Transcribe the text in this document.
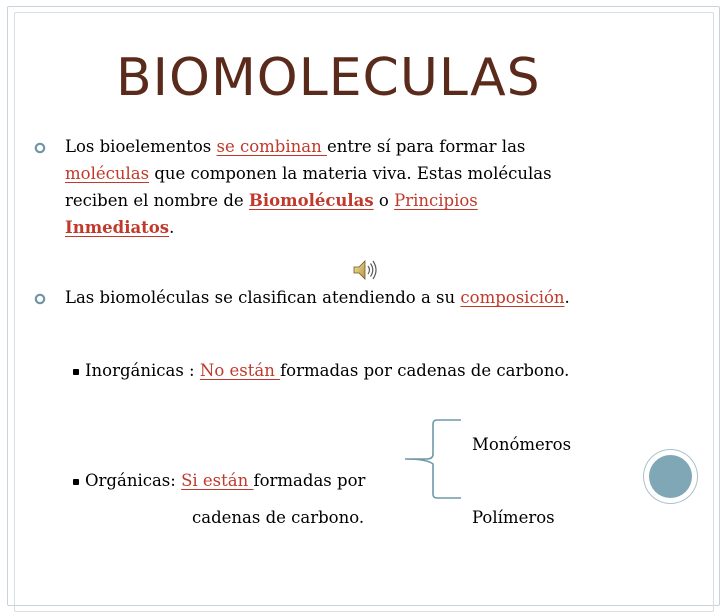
BIOMOLECULAS
Los bioelementos se combinan entre sí para formar las
moléculas que componen la materia viva. Estas moléculas
reciben el nombre de Biomoléculas o Principios
Inmediatos.
Las biomoléculas se clasifican atendiendo a su composición.
Inorgánicas : No están formadas por cadenas de carbono.
Monómeros
Orgánicas: Si están formadas por
cadenas de carbono.	Polímeros
